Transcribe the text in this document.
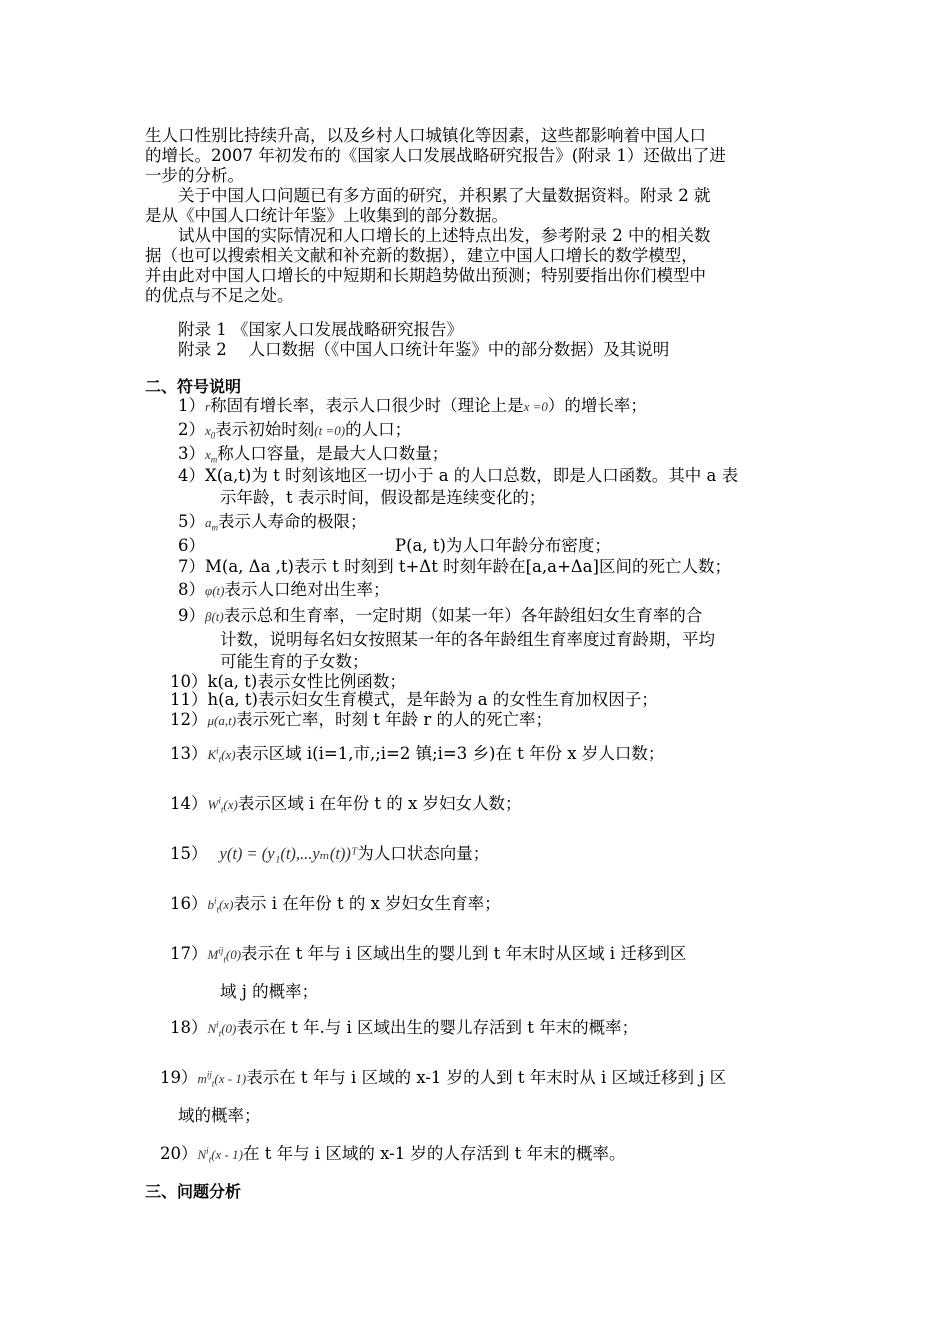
生人口性别比持续升高，以及乡村人口城镇化等因素，这些都影响着中国人口
的增长。2007 年初发布的《国家人口发展战略研究报告》(附录 1）还做出了进
一步的分析。
关于中国人口问题已有多方面的研究，并积累了大量数据资料。附录 2 就
是从《中国人口统计年鉴》上收集到的部分数据。
试从中国的实际情况和人口增长的上述特点出发，参考附录 2 中的相关数
据（也可以搜索相关文献和补充新的数据），建立中国人口增长的数学模型，
并由此对中国人口增长的中短期和长期趋势做出预测；特别要指出你们模型中
的优点与不足之处。
附录 1 《国家人口发展战略研究报告》
附录 2　 人口数据（《中国人口统计年鉴》中的部分数据）及其说明
二、符号说明
1）r称固有增长率，表示人口很少时（理论上是x =0）的增长率；
$2)x_0$表示初始时刻(t =0)的人口；
$3)x_m$称人口容量，是最大人口数量；
4）X(a,t)为 t 时刻该地区一切小于 a 的人口总数，即是人口函数。其中 a 表
示年龄，t 表示时间，假设都是连续变化的；
$5)a_m$表示人寿命的极限；
6）	P(a, t)为人口年龄分布密度；
7）M(a, Δa ,t)表示 t 时刻到 t+Δt 时刻年龄在[a,a+Δa]区间的死亡人数；
8）φ(t)表示人口绝对出生率；
9）β(t)表示总和生育率，一定时期（如某一年）各年龄组妇女生育率的合
计数，说明每名妇女按照某一年的各年龄组生育率度过育龄期，平均
可能生育的子女数；
10）k(a, t)表示女性比例函数；
11）h(a, t)表示妇女生育模式，是年龄为 a 的女性生育加权因子；
12）μ(a,t)表示死亡率，时刻 t 年龄 r 的人的死亡率；
$13)K^i_t(x)$表示区域 i(i=1,市,;i=2 镇;i=3 乡)在 t 年份 x 岁人口数；
$14)W^i_t(x)$表示区域 i 在年份 t 的 x 岁妇女人数；
15） y(t) = (y₁(t),...yₘ(t))ᵀ为人口状态向量；
$16)b^i_t(x)$表示 i 在年份 t 的 x 岁妇女生育率；
$17)M^{ij}_t(0)$表示在 t 年与 i 区域出生的婴儿到 t 年末时从区域 i 迁移到区
域 j 的概率；
$18)N^i_t(0)$表示在 t 年.与 i 区域出生的婴儿存活到 t 年末的概率；
$19)m^{ij}_t(x - 1)$表示在 t 年与 i 区域的 x-1 岁的人到 t 年末时从 i 区域迁移到 j 区
域的概率；
$20)N^i_t(x - 1)$在 t 年与 i 区域的 x-1 岁的人存活到 t 年末的概率。
三、问题分析
